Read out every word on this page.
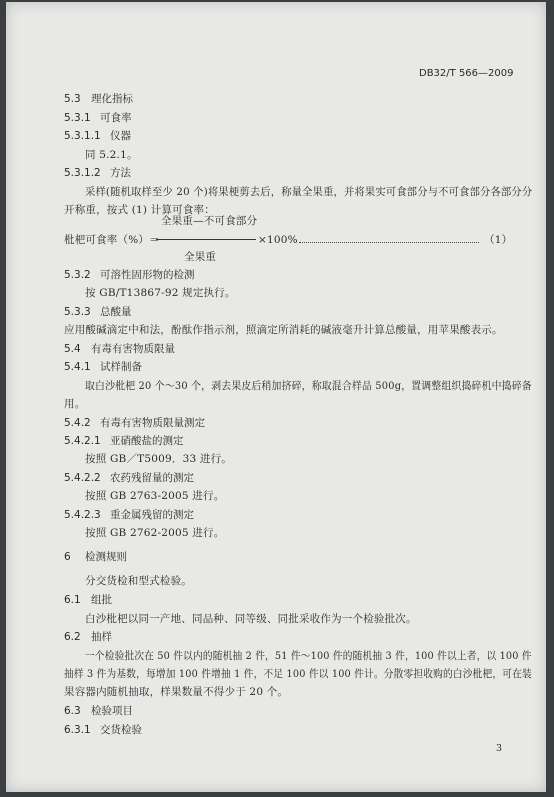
DB32/T 566—2009
5.3 理化指标
5.3.1 可食率
5.3.1.1 仪器
同 5.2.1。
5.3.1.2 方法
采样(随机取样至少 20 个)将果梗剪去后，称量全果重，并将果实可食部分与不可食部分各部分分
开称重，按式 (1) 计算可食率：
全果重—不可食部分
枇杷可食率（%）＝	×100%	（1）
全果重
5.3.2 可溶性固形物的检测
按 GB/T13867-92 规定执行。
5.3.3 总酸量
应用酸碱滴定中和法，酚酞作指示剂，照滴定所消耗的碱液毫升计算总酸量，用苹果酸表示。
5.4 有毒有害物质限量
5.4.1 试样制备
取白沙枇杷 20 个～30 个，剥去果皮后稍加挤碎，称取混合样品 500g，置调整组织捣碎机中捣碎备
用。
5.4.2 有毒有害物质限量测定
5.4.2.1 亚硝酸盐的测定
按照 GB／T5009．33 进行。
5.4.2.2 农药残留量的测定
按照 GB 2763-2005 进行。
5.4.2.3 重金属残留的测定
按照 GB 2762-2005 进行。
6 检测规则
分交货检和型式检验。
6.1 组批
白沙枇杷以同一产地、同品种、同等级、同批采收作为一个检验批次。
6.2 抽样
一个检验批次在 50 件以内的随机抽 2 件，51 件～100 件的随机抽 3 件，100 件以上者，以 100 件
抽样 3 件为基数，每增加 100 件增抽 1 件，不足 100 件以 100 件计。分散零担收购的白沙枇杷，可在装
果容器内随机抽取，样果数量不得少于 20 个。
6.3 检验项目
6.3.1 交货检验
3
